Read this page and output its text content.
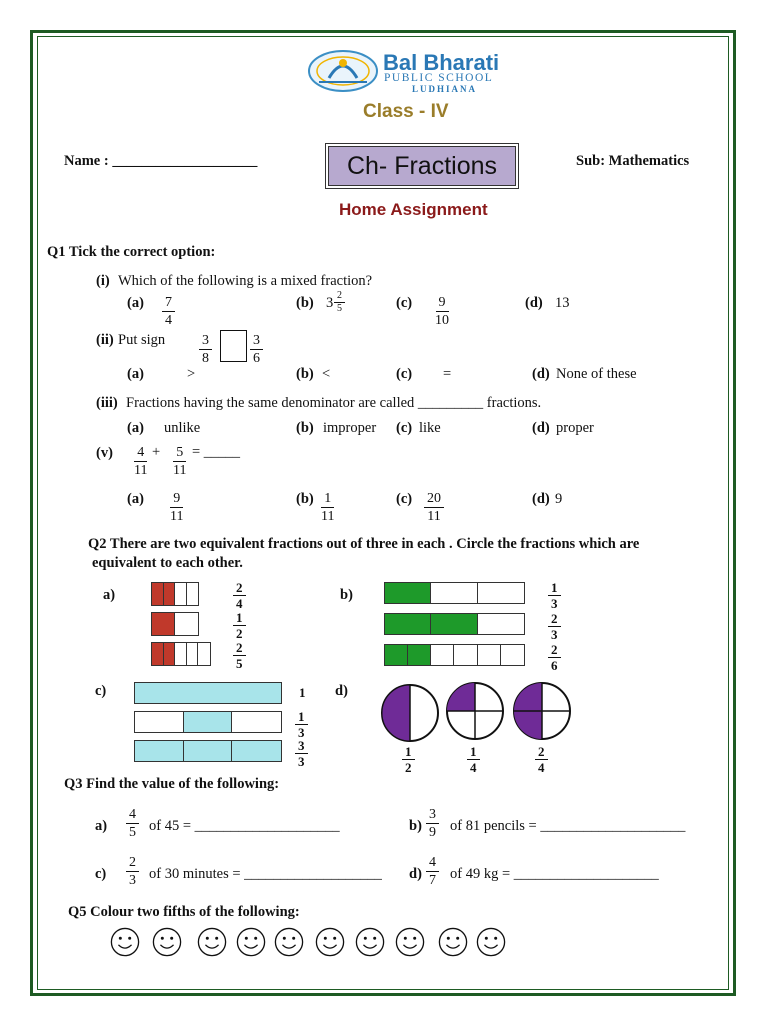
Bal Bharati
PUBLIC SCHOOL
LUDHIANA
Class - IV
Name : ____________________	Ch- Fractions	Sub: Mathematics
Home Assignment
Q1 Tick the correct option:
(i) Which of the following is a mixed fraction?
$(a) \frac{7}{4}$	(b) $3 \frac{2}{5}$	$(c) \frac{9}{10}$	(d) 13
(ii) Put sign $\frac{3}{8}$	$\frac{3}{6}$
(a)	>	(b) <	(c) =	(d) None of these
(iii) Fractions having the same denominator are called _________ fractions.
(a) unlike	(b) improper (c) like	(d) proper
$(v) \frac{4}{11} + \frac{5}{11}$ = _____
$(a) \frac{9}{11}$	$(b) \frac{1}{11}$	$(c) \frac{20}{11}$	(d) 9
Q2 There are two equivalent fractions out of three in each . Circle the fractions which are
equivalent to each other.
a)	$\frac{2}{4}$
$\frac{1}{2}$
$\frac{2}{5}$
b)	$\frac{1}{3}$
$\frac{2}{3}$
$\frac{2}{6}$
c)	1
$\frac{1}{3}$
$\frac{3}{3}$
d)
$\frac{1}{2}$	$\frac{1}{4}$	$\frac{2}{4}$
Q3 Find the value of the following:
$a) \frac{4}{5}$ of 45 = ____________________	$b) \frac{3}{9}$ of 81 pencils = ____________________
$c) \frac{2}{3}$ of 30 minutes = ___________________ $d) \frac{4}{7}$ of 49 kg = ____________________
Q5 Colour two fifths of the following:
